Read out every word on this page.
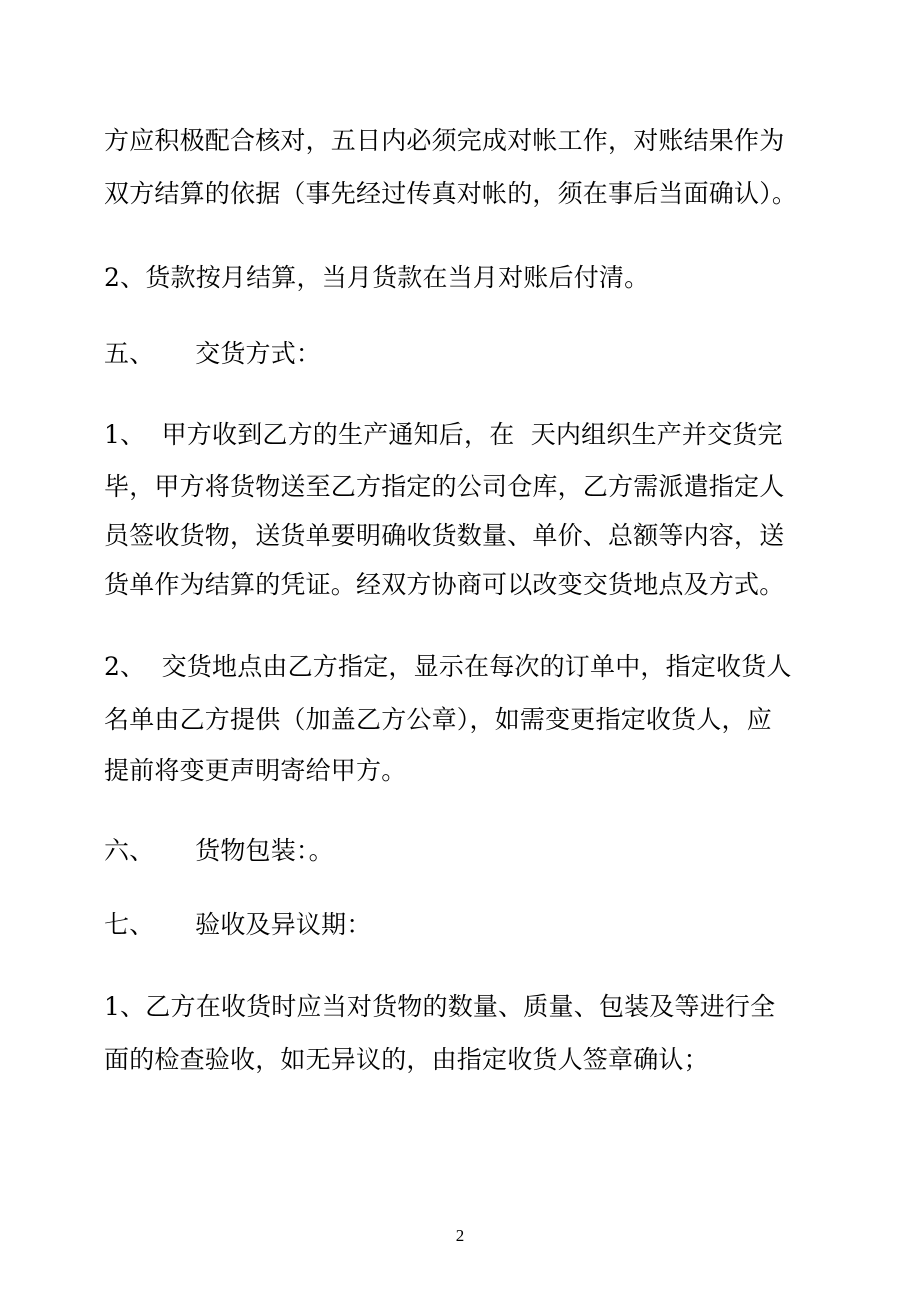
方应积极配合核对，五日内必须完成对帐工作，对账结果作为
双方结算的依据（事先经过传真对帐的，须在事后当面确认）。
2、货款按月结算，当月货款在当月对账后付清。
五、     交货方式：
1、  甲方收到乙方的生产通知后，在  天内组织生产并交货完
毕，甲方将货物送至乙方指定的公司仓库，乙方需派遣指定人
员签收货物，送货单要明确收货数量、单价、总额等内容，送
货单作为结算的凭证。经双方协商可以改变交货地点及方式。
2、  交货地点由乙方指定，显示在每次的订单中，指定收货人
名单由乙方提供（加盖乙方公章），如需变更指定收货人，应
提前将变更声明寄给甲方。
六、     货物包装：。
七、     验收及异议期：
1、乙方在收货时应当对货物的数量、质量、包装及等进行全
面的检查验收，如无异议的，由指定收货人签章确认；
2
